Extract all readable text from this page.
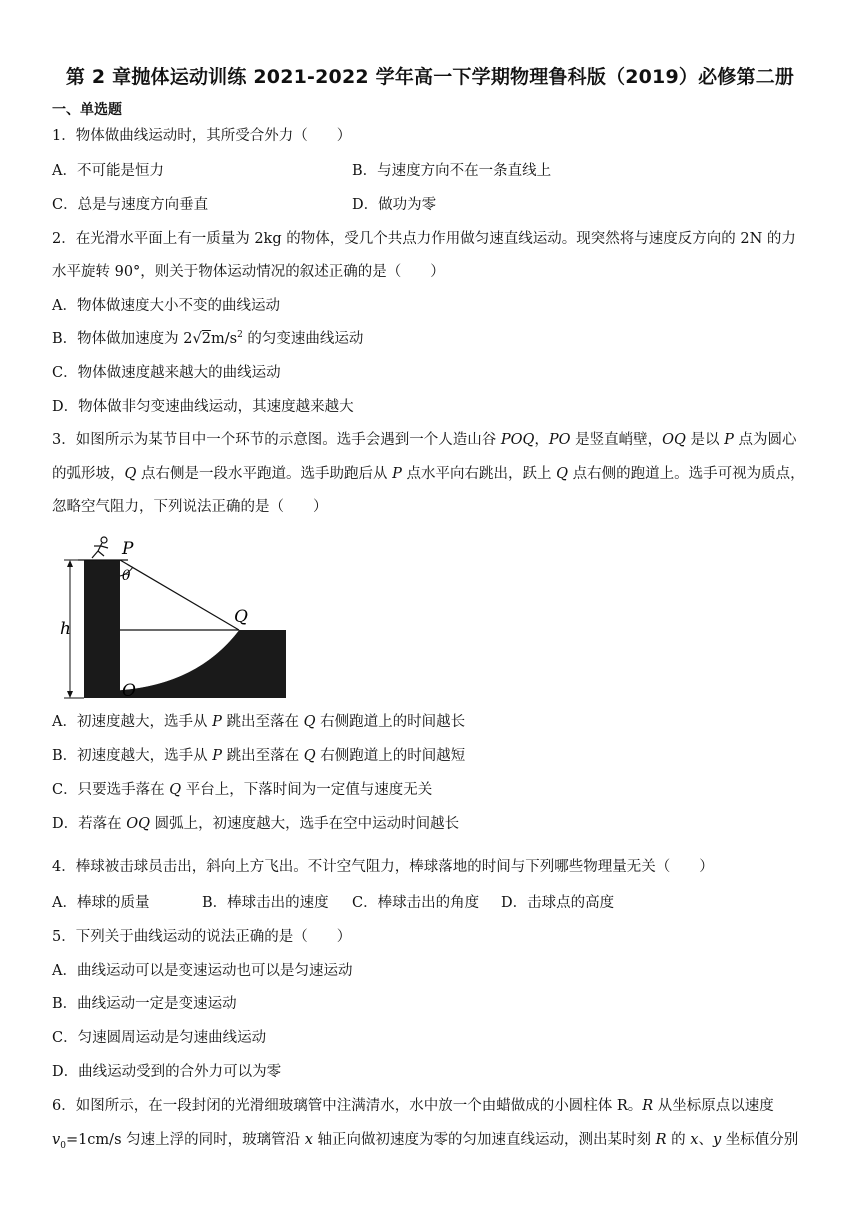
第 2 章抛体运动训练 2021-2022 学年高一下学期物理鲁科版（2019）必修第二册
一、单选题
1．物体做曲线运动时，其所受合外力（　　）
A．不可能是恒力	B．与速度方向不在一条直线上
C．总是与速度方向垂直	D．做功为零
2．在光滑水平面上有一质量为 2kg 的物体，受几个共点力作用做匀速直线运动。现突然将与速度反方向的 2N 的力
水平旋转 90°，则关于物体运动情况的叙述正确的是（　　）
A．物体做速度大小不变的曲线运动
B．物体做加速度为 $2√2m/s^2$ 的匀变速曲线运动
C．物体做速度越来越大的曲线运动
D．物体做非匀变速曲线运动，其速度越来越大
3．如图所示为某节目中一个环节的示意图。选手会遇到一个人造山谷 POQ，PO 是竖直峭壁，OQ 是以 P 点为圆心
的弧形坡，Q 点右侧是一段水平跑道。选手助跑后从 P 点水平向右跳出，跃上 Q 点右侧的跑道上。选手可视为质点，
忽略空气阻力，下列说法正确的是（　　）
P
θ
Q
h
O
A．初速度越大，选手从 P 跳出至落在 Q 右侧跑道上的时间越长
B．初速度越大，选手从 P 跳出至落在 Q 右侧跑道上的时间越短
C．只要选手落在 Q 平台上，下落时间为一定值与速度无关
D．若落在 OQ 圆弧上，初速度越大，选手在空中运动时间越长
4．棒球被击球员击出，斜向上方飞出。不计空气阻力，棒球落地的时间与下列哪些物理量无关（　　）
A．棒球的质量	B．棒球击出的速度 C．棒球击出的角度 D．击球点的高度
5．下列关于曲线运动的说法正确的是（　　）
A．曲线运动可以是变速运动也可以是匀速运动
B．曲线运动一定是变速运动
C．匀速圆周运动是匀速曲线运动
D．曲线运动受到的合外力可以为零
6．如图所示，在一段封闭的光滑细玻璃管中注满清水，水中放一个由蜡做成的小圆柱体 R。R 从坐标原点以速度
$v_0=1cm/s$ 匀速上浮的同时，玻璃管沿 x 轴正向做初速度为零的匀加速直线运动，测出某时刻 R 的 x、y 坐标值分别
